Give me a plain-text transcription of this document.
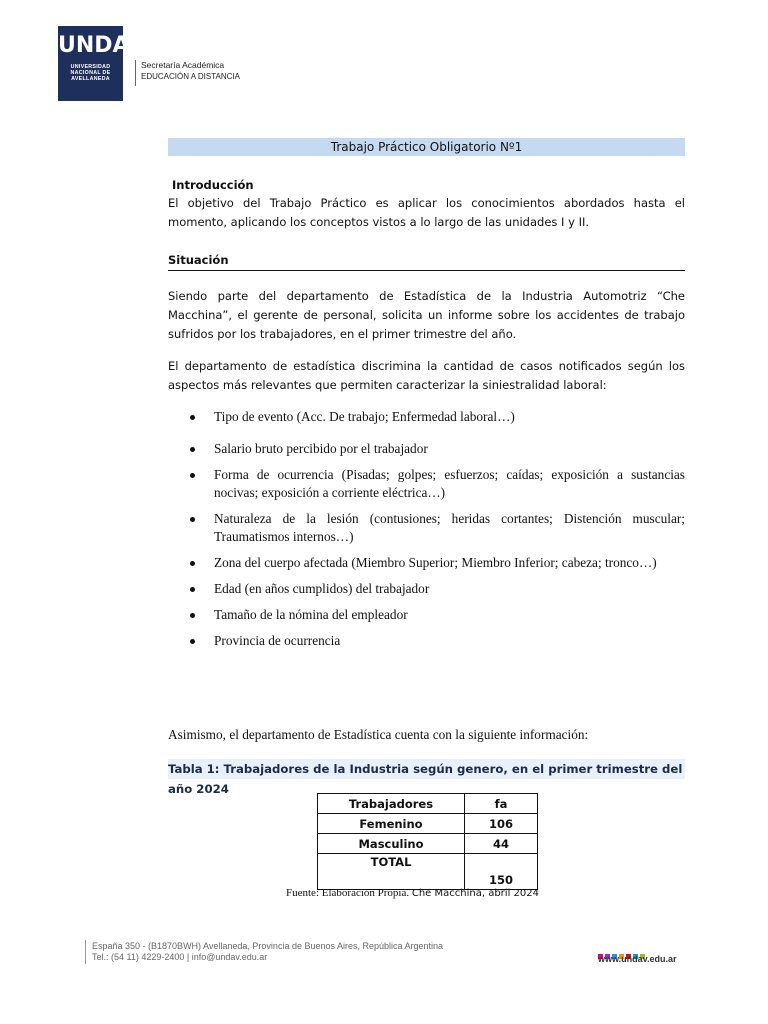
UNDAV
UNIVERSIDAD
NACIONAL DE
AVELLANEDA
Secretaría Académica
EDUCACIÓN A DISTANCIA
Trabajo Práctico Obligatorio Nº1
Introducción
El objetivo del Trabajo Práctico es aplicar los conocimientos abordados hasta el momento, aplicando los conceptos vistos a lo largo de las unidades I y II.
Situación
Siendo parte del departamento de Estadística de la Industria Automotriz “Che Macchina”, el gerente de personal, solicita un informe sobre los accidentes de trabajo sufridos por los trabajadores, en el primer trimestre del año.
El departamento de estadística discrimina la cantidad de casos notificados según los aspectos más relevantes que permiten caracterizar la siniestralidad laboral:
Tipo de evento (Acc. De trabajo; Enfermedad laboral…)
Salario bruto percibido por el trabajador
Forma de ocurrencia (Pisadas; golpes; esfuerzos; caídas; exposición a sustancias nocivas; exposición a corriente eléctrica…)
Naturaleza de la lesión (contusiones; heridas cortantes; Distención muscular; Traumatismos internos…)
Zona del cuerpo afectada (Miembro Superior; Miembro Inferior; cabeza; tronco…)
Edad (en años cumplidos) del trabajador
Tamaño de la nómina del empleador
Provincia de ocurrencia
Asimismo, el departamento de Estadística cuenta con la siguiente información:
Tabla 1: Trabajadores de la Industria según genero, en el primer trimestre del año 2024
Trabajadores	fa
Femenino	106
Masculino	44
TOTAL	150
Fuente: Elaboración Propia. Che Macchina, abril 2024
España 350 - (B1870BWH) Avellaneda, Provincia de Buenos Aires, República Argentina
Tel.: (54 11) 4229-2400 | info@undav.edu.ar	www.undav.edu.ar
